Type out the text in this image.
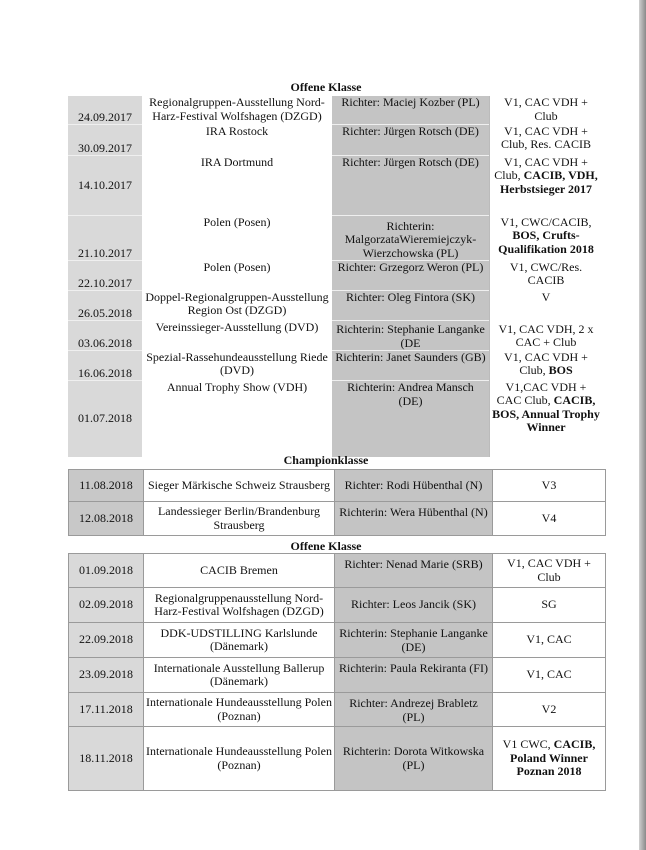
Offene Klasse
24.09.2017	Regionalgruppen-Ausstellung Nord-Harz-Festival Wolfshagen (DZGD)	Richter: Maciej Kozber (PL)	V1, CAC VDH + Club
30.09.2017	IRA Rostock	Richter: Jürgen Rotsch (DE)	V1, CAC VDH + Club, Res. CACIB
14.10.2017	IRA Dortmund	Richter: Jürgen Rotsch (DE)	V1, CAC VDH + Club, CACIB, VDH, Herbstsieger 2017
21.10.2017	Polen (Posen)	Richterin: MalgorzataWieremiejczyk-Wierzchowska (PL)	V1, CWC/CACIB, BOS, Crufts-Qualifikation 2018
22.10.2017	Polen (Posen)	Richter: Grzegorz Weron (PL)	V1, CWC/Res. CACIB
26.05.2018	Doppel-Regionalgruppen-Ausstellung Region Ost (DZGD)	Richter: Oleg Fintora (SK)	V
03.06.2018	Vereinssieger-Ausstellung (DVD)	Richterin: Stephanie Langanke (DE	V1, CAC VDH, 2 x CAC + Club
16.06.2018	Spezial-Rassehundeausstellung Riede (DVD)	Richterin: Janet Saunders (GB)	V1, CAC VDH + Club, BOS
01.07.2018	Annual Trophy Show (VDH)	Richterin: Andrea Mansch (DE)	V1,CAC VDH + CAC Club, CACIB, BOS, Annual Trophy Winner
Championklasse
11.08.2018	Sieger Märkische Schweiz Strausberg	Richter: Rodi Hübenthal (N)	V3
12.08.2018	Landessieger Berlin/Brandenburg Strausberg	Richterin: Wera Hübenthal (N)	V4
Offene Klasse
01.09.2018	CACIB Bremen	Richter: Nenad Marie (SRB)	V1, CAC VDH + Club
02.09.2018	Regionalgruppenausstellung Nord-Harz-Festival Wolfshagen (DZGD)	Richter: Leos Jancik (SK)	SG
22.09.2018	DDK-UDSTILLING Karlslunde (Dänemark)	Richterin: Stephanie Langanke (DE)	V1, CAC
23.09.2018	Internationale Ausstellung Ballerup (Dänemark)	Richterin: Paula Rekiranta (FI)	V1, CAC
17.11.2018	Internationale Hundeausstellung Polen (Poznan)	Richter: Andrezej Brabletz (PL)	V2
18.11.2018	Internationale Hundeausstellung Polen (Poznan)	Richterin: Dorota Witkowska (PL)	V1 CWC, CACIB, Poland Winner Poznan 2018
